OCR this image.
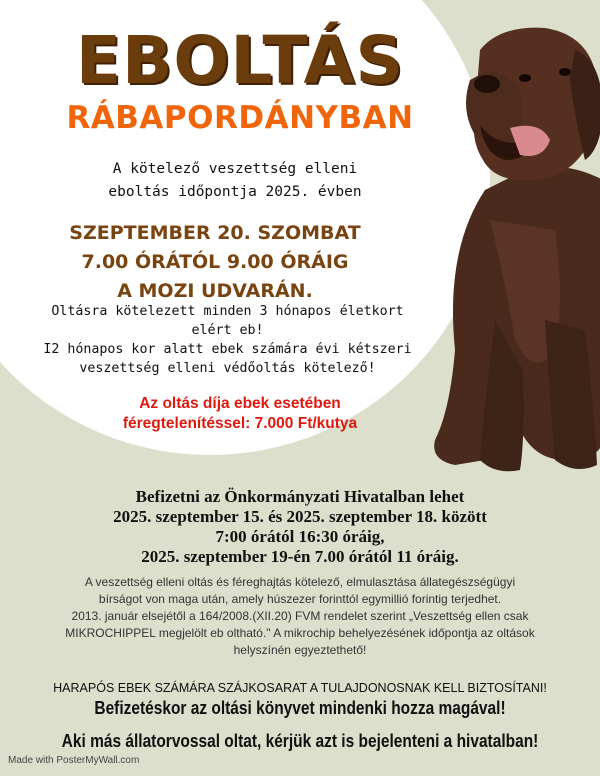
EBOLTÁS
RÁBAPORDÁNYBAN
A kötelező veszettség elleni
eboltás időpontja 2025. évben
SZEPTEMBER 20. SZOMBAT
7.00 ÓRÁTÓL 9.00 ÓRÁIG
A MOZI UDVARÁN.
Oltásra kötelezett minden 3 hónapos életkort
elért eb!
I2 hónapos kor alatt ebek számára évi kétszeri
veszettség elleni védőoltás kötelező!
Az oltás díja ebek esetében
féregtelenítéssel: 7.000 Ft/kutya
Befizetni az Önkormányzati Hivatalban lehet
2025. szeptember 15. és 2025. szeptember 18. között
7:00 órától 16:30 óráig,
2025. szeptember 19-én 7.00 órától 11 óráig.
A veszettség elleni oltás és féreghajtás kötelező, elmulasztása állategészségügyi
bírságot von maga után, amely húszezer forinttól egymillió forintig terjedhet.
2013. január elsejétől a 164/2008.(XII.20) FVM rendelet szerint „Veszettség ellen csak
MIKROCHIPPEL megjelölt eb oltható." A mikrochip behelyezésének időpontja az oltások
helyszínén egyeztethető!
HARAPÓS EBEK SZÁMÁRA SZÁJKOSARAT A TULAJDONOSNAK KELL BIZTOSÍTANI!
Befizetéskor az oltási könyvet mindenki hozza magával!
Aki más állatorvossal oltat, kérjük azt is bejelenteni a hivatalban!
Made with PosterMyWall.com
